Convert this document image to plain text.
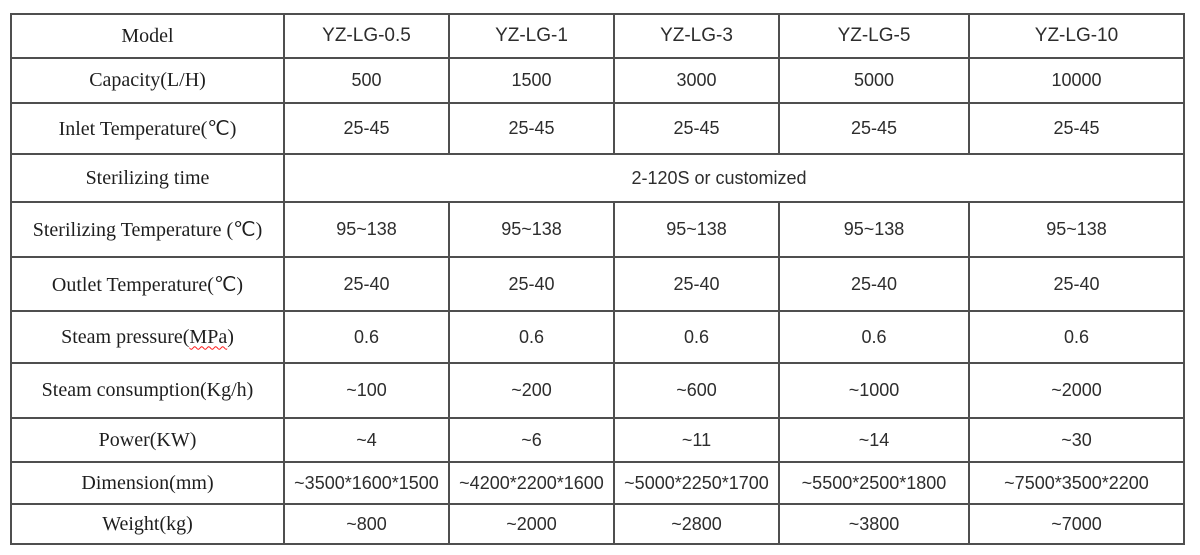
Model	YZ-LG-0.5	YZ-LG-1	YZ-LG-3	YZ-LG-5	YZ-LG-10
Capacity(L/H)	500	1500	3000	5000	10000
Inlet Temperature(℃)	25-45	25-45	25-45	25-45	25-45
Sterilizing time	2-120S or customized				
Sterilizing Temperature (℃)	95~138	95~138	95~138	95~138	95~138
Outlet Temperature(℃)	25-40	25-40	25-40	25-40	25-40
Steam pressure(MPa)	0.6	0.6	0.6	0.6	0.6
Steam consumption(Kg/h)	~100	~200	~600	~1000	~2000
Power(KW)	~4	~6	~11	~14	~30
Dimension(mm)	~3500*1600*1500	~4200*2200*1600	~5000*2250*1700	~5500*2500*1800	~7500*3500*2200
Weight(kg)	~800	~2000	~2800	~3800	~7000
